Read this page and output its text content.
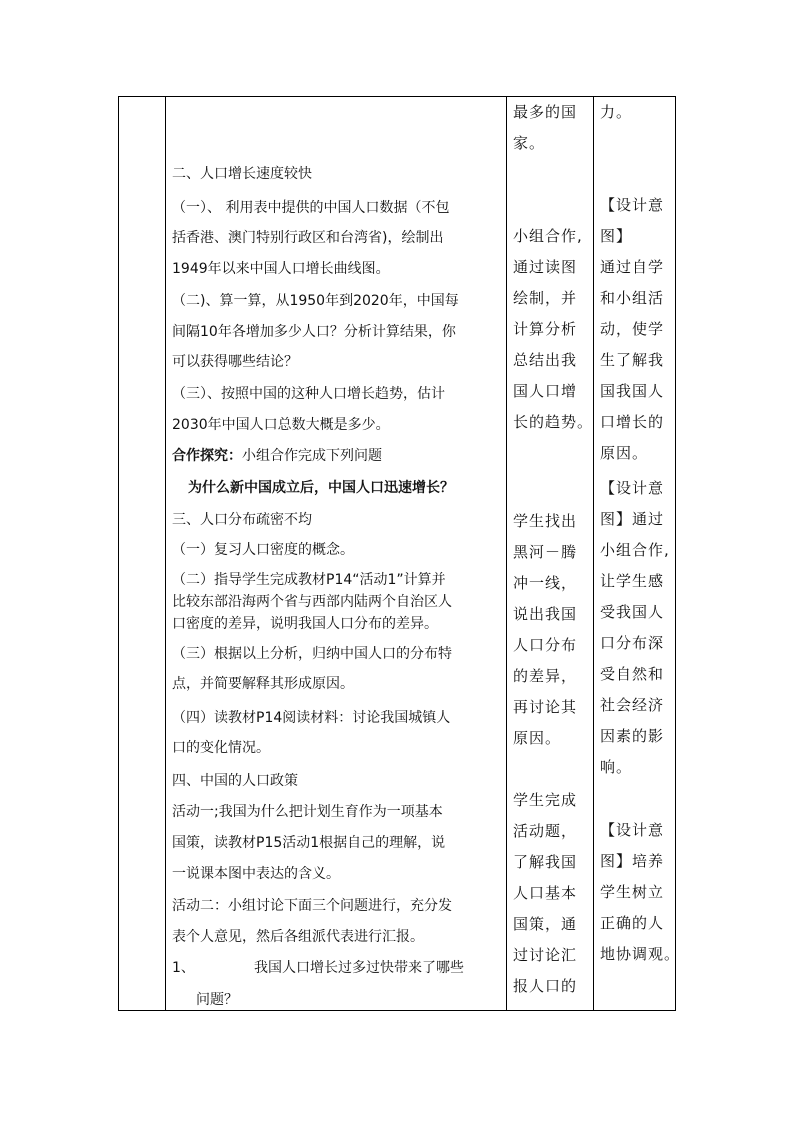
二、人口增长速度较快
（一）、 利用表中提供的中国人口数据（不包
括香港、澳门特别行政区和台湾省)，绘制出
1949年以来中国人口增长曲线图。
（二)、算一算，从1950年到2020年，中国每
间隔10年各增加多少人口？分析计算结果，你
可以获得哪些结论？
（三）、按照中国的这种人口增长趋势，估计
2030年中国人口总数大概是多少。
合作探究：小组合作完成下列问题
为什么新中国成立后，中国人口迅速增长？
三、人口分布疏密不均
（一）复习人口密度的概念。
（二）指导学生完成教材P14“活动1”计算并
比较东部沿海两个省与西部内陆两个自治区人
口密度的差异，说明我国人口分布的差异。
（三）根据以上分析，归纳中国人口的分布特
点，并简要解释其形成原因。
（四）读教材P14阅读材料：讨论我国城镇人
口的变化情况。
四、中国的人口政策
活动一;我国为什么把计划生育作为一项基本
国策，读教材P15活动1根据自己的理解，说
一说课本图中表达的含义。
活动二：小组讨论下面三个问题进行，充分发
表个人意见，然后各组派代表进行汇报。
1、	我国人口增长过多过快带来了哪些
问题？
最多的国
家。
小组合作,
通过读图
绘制，并
计算分析
总结出我
国人口增
长的趋势。
学生找出
黑河－腾
冲一线，
说出我国
人口分布
的差异，
再讨论其
原因。
学生完成
活动题，
了解我国
人口基本
国策，通
过讨论汇
报人口的
力。
【设计意
图】
通过自学
和小组活
动，使学
生了解我
国我国人
口增长的
原因。
【设计意
图】通过
小组合作,
让学生感
受我国人
口分布深
受自然和
社会经济
因素的影
响。
【设计意
图】培养
学生树立
正确的人
地协调观。
